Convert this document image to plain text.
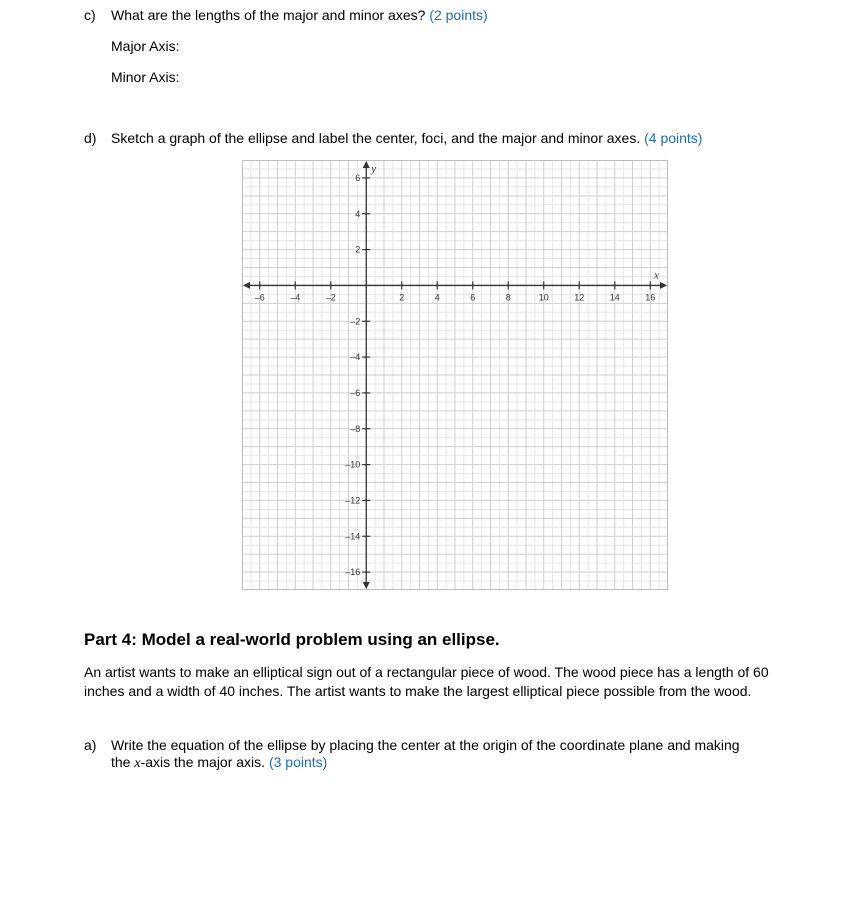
c) What are the lengths of the major and minor axes? (2 points)
Major Axis:
Minor Axis:
d) Sketch a graph of the ellipse and label the center, foci, and the major and minor axes. (4 points)
–6	–4	–2	2	4	6	8	10	12	14	16
6
4
2
–2
–4
–6
–8
–10
–12
–14
–16
x
y
Part 4: Model a real-world problem using an ellipse.
An artist wants to make an elliptical sign out of a rectangular piece of wood. The wood piece has a length of 60 inches and a width of 40 inches. The artist wants to make the largest elliptical piece possible from the wood.
a) Write the equation of the ellipse by placing the center at the origin of the coordinate plane and making
the x-axis the major axis. (3 points)
